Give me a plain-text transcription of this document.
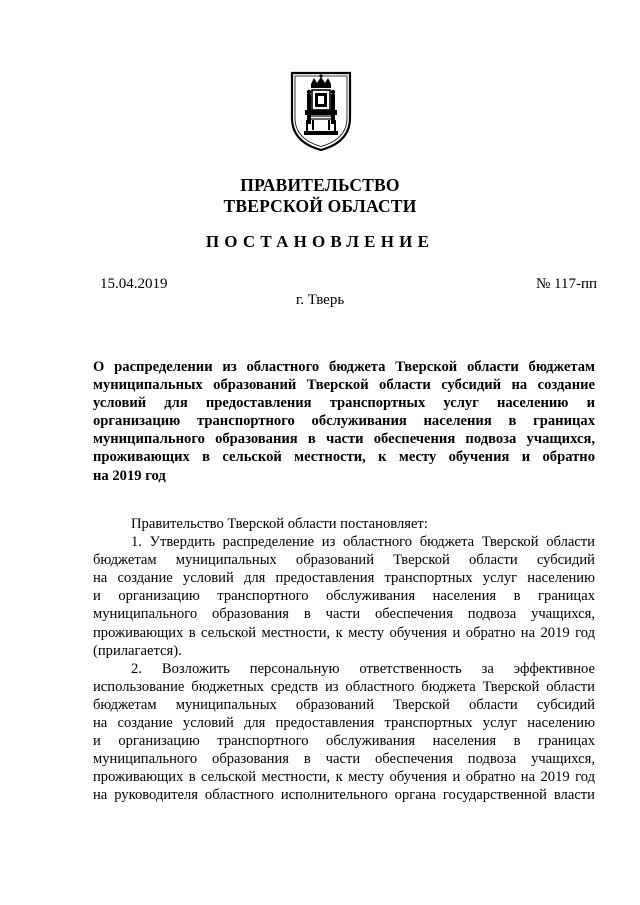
ПРАВИТЕЛЬСТВО
ТВЕРСКОЙ ОБЛАСТИ
ПОСТАНОВЛЕНИЕ
15.04.2019	№ 117-пп
г. Тверь
О распределении из областного бюджета Тверской области бюджетам
муниципальных образований Тверской области субсидий на создание
условий для предоставления транспортных услуг населению и
организацию транспортного обслуживания населения в границах
муниципального образования в части обеспечения подвоза учащихся,
проживающих в сельской местности, к месту обучения и обратно
на 2019 год
Правительство Тверской области постановляет:
1. Утвердить распределение из областного бюджета Тверской области
бюджетам муниципальных образований Тверской области субсидий
на создание условий для предоставления транспортных услуг населению
и организацию транспортного обслуживания населения в границах
муниципального образования в части обеспечения подвоза учащихся,
проживающих в сельской местности, к месту обучения и обратно на 2019 год
(прилагается).
2. Возложить персональную ответственность за эффективное
использование бюджетных средств из областного бюджета Тверской области
бюджетам муниципальных образований Тверской области субсидий
на создание условий для предоставления транспортных услуг населению
и организацию транспортного обслуживания населения в границах
муниципального образования в части обеспечения подвоза учащихся,
проживающих в сельской местности, к месту обучения и обратно на 2019 год
на руководителя областного исполнительного органа государственной власти
